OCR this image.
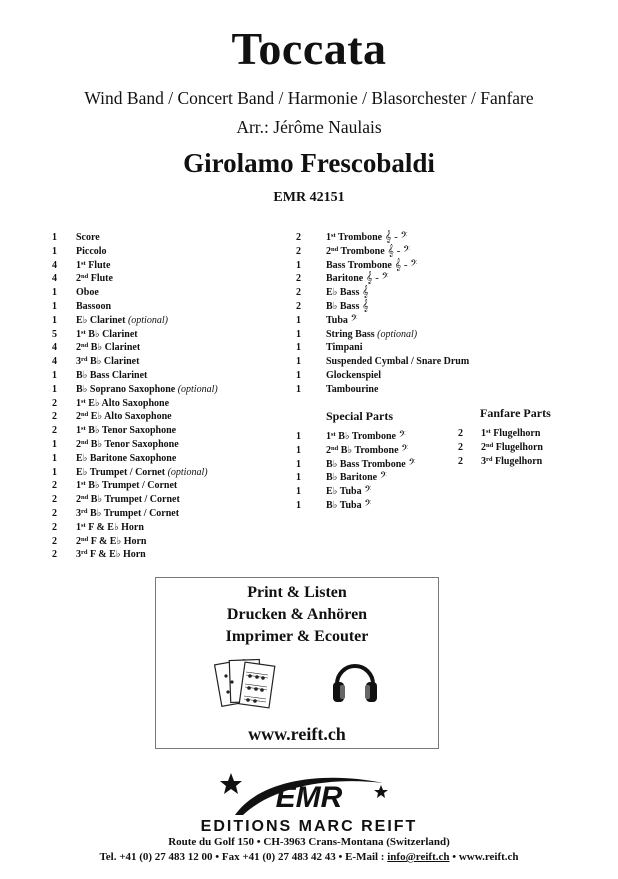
Toccata
Wind Band / Concert Band / Harmonie / Blasorchester / Fanfare
Arr.: Jérôme Naulais
Girolamo Frescobaldi
EMR 42151
1 Score
1 Piccolo
4 1st Flute
4 2nd Flute
1 Oboe
1 Bassoon
1 E♭ Clarinet (optional)
5 1st B♭ Clarinet
4 2nd B♭ Clarinet
4 3rd B♭ Clarinet
1 B♭ Bass Clarinet
1 B♭ Soprano Saxophone (optional)
2 1st E♭ Alto Saxophone
2 2nd E♭ Alto Saxophone
2 1st B♭ Tenor Saxophone
1 2nd B♭ Tenor Saxophone
1 E♭ Baritone Saxophone
1 E♭ Trumpet / Cornet (optional)
2 1st B♭ Trumpet / Cornet
2 2nd B♭ Trumpet / Cornet
2 3rd B♭ Trumpet / Cornet
2 1st F & E♭ Horn
2 2nd F & E♭ Horn
2 3rd F & E♭ Horn
2	1st Trombone 𝄞 - 𝄢
2	2nd Trombone 𝄞 - 𝄢
1	Bass Trombone 𝄞 - 𝄢
2	Baritone 𝄞 - 𝄢
2	E♭ Bass 𝄞
2	B♭ Bass 𝄞
1	Tuba 𝄢
1	String Bass (optional)
1	Timpani
1	Suspended Cymbal / Snare Drum
1	Glockenspiel
1	Tambourine
Special Parts
1	1st B♭ Trombone 𝄢
1	2nd B♭ Trombone 𝄢
1	B♭ Bass Trombone 𝄢
1	B♭ Baritone 𝄢
1	E♭ Tuba 𝄢
1	B♭ Tuba 𝄢
Fanfare Parts
2 1st Flugelhorn
2 2nd Flugelhorn
2 3rd Flugelhorn
Print & Listen
Drucken & Anhören
Imprimer & Ecouter
www.reift.ch
EMR
EDITIONS MARC REIFT
Route du Golf 150 • CH-3963 Crans-Montana (Switzerland)
Tel. +41 (0) 27 483 12 00 • Fax +41 (0) 27 483 42 43 • E-Mail : info@reift.ch • www.reift.ch
